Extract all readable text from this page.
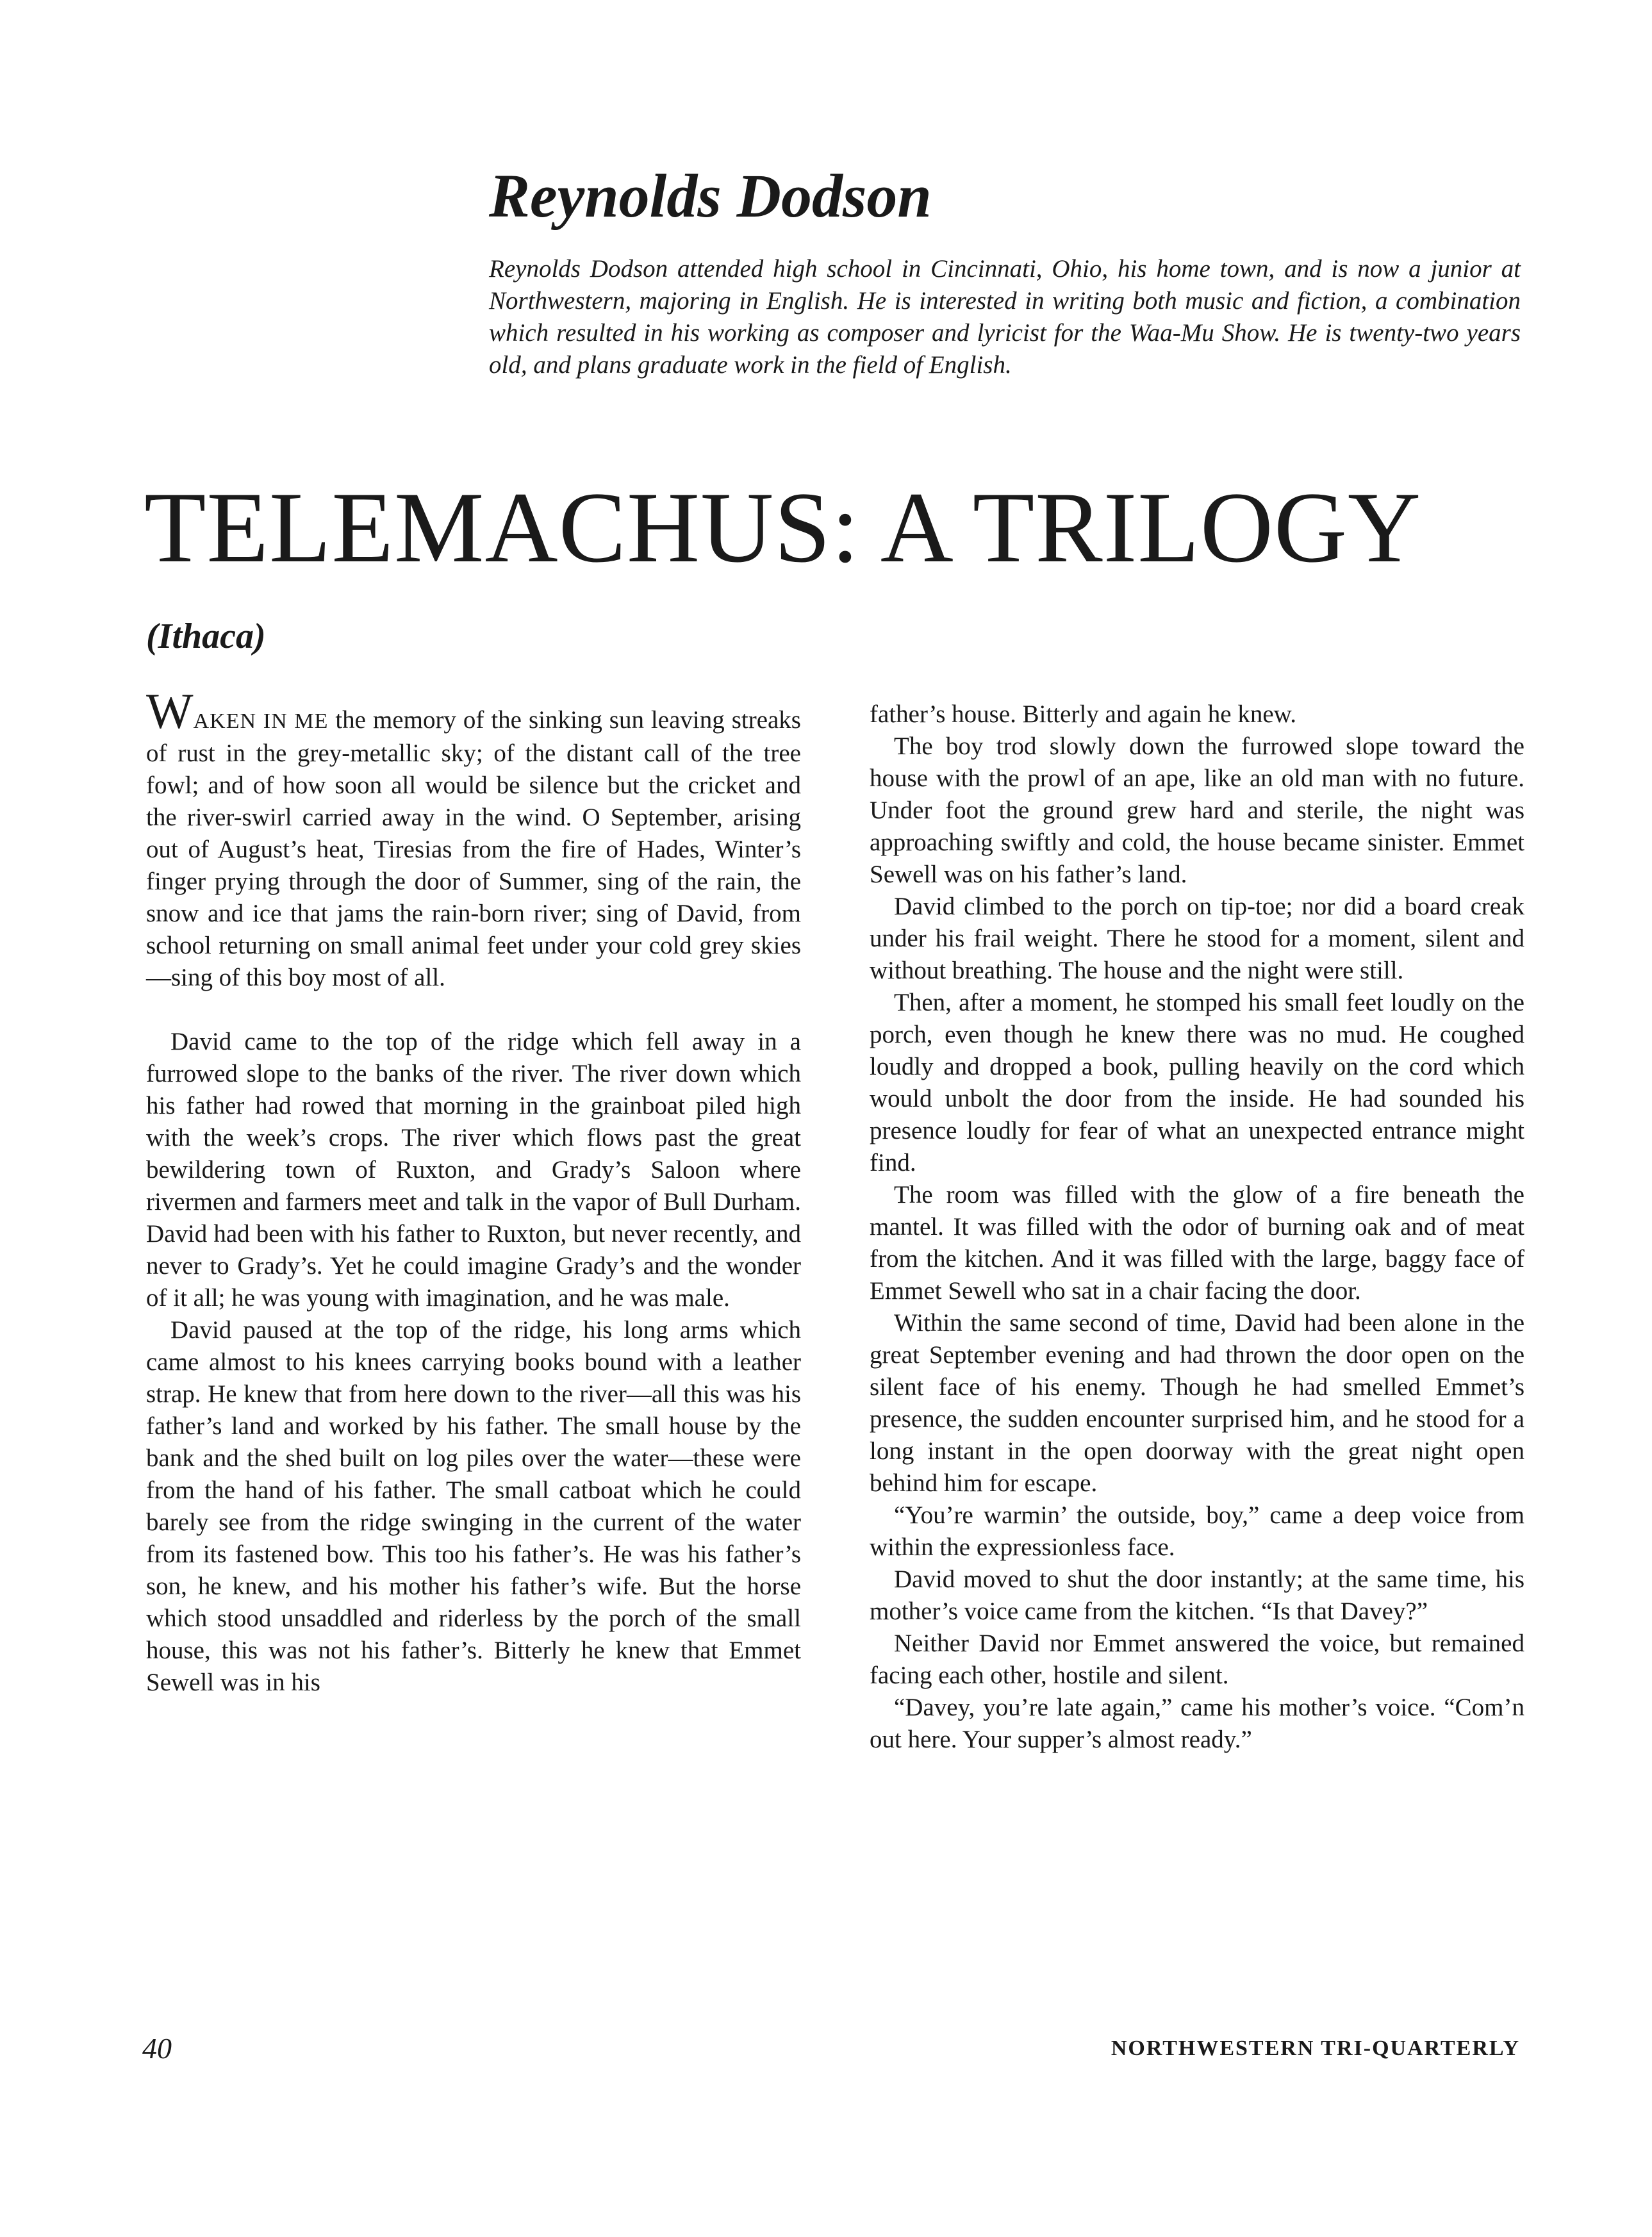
Reynolds Dodson

Reynolds Dodson attended high school in Cincinnati, Ohio, his home town, and is now a junior at Northwestern, majoring in English. He is interested in writing both music and fiction, a combination which resulted in his working as composer and lyricist for the Waa-Mu Show. He is twenty-two years old, and plans graduate work in the field of English.

TELEMACHUS: A TRILOGY
(Ithaca)

WAKEN IN ME the memory of the sinking sun leaving streaks of rust in the grey-metallic sky; of the distant call of the tree fowl; and of how soon all would be silence but the cricket and the river-swirl carried away in the wind. O September, arising out of August’s heat, Tiresias from the fire of Hades, Winter’s finger prying through the door of Summer, sing of the rain, the snow and ice that jams the rain-born river; sing of David, from school returning on small animal feet under your cold grey skies—sing of this boy most of all.

David came to the top of the ridge which fell away in a furrowed slope to the banks of the river. The river down which his father had rowed that morning in the grainboat piled high with the week’s crops. The river which flows past the great bewildering town of Ruxton, and Grady’s Saloon where rivermen and farmers meet and talk in the vapor of Bull Durham. David had been with his father to Ruxton, but never recently, and never to Grady’s. Yet he could imagine Grady’s and the wonder of it all; he was young with imagination, and he was male.

David paused at the top of the ridge, his long arms which came almost to his knees carrying books bound with a leather strap. He knew that from here down to the river—all this was his father’s land and worked by his father. The small house by the bank and the shed built on log piles over the water—these were from the hand of his father. The small catboat which he could barely see from the ridge swinging in the current of the water from its fastened bow. This too his father’s. He was his father’s son, he knew, and his mother his father’s wife. But the horse which stood unsaddled and riderless by the porch of the small house, this was not his father’s. Bitterly he knew that Emmet Sewell was in his

father’s house. Bitterly and again he knew.

The boy trod slowly down the furrowed slope toward the house with the prowl of an ape, like an old man with no future. Under foot the ground grew hard and sterile, the night was approaching swiftly and cold, the house became sinister. Emmet Sewell was on his father’s land.

David climbed to the porch on tip-toe; nor did a board creak under his frail weight. There he stood for a moment, silent and without breathing. The house and the night were still.

Then, after a moment, he stomped his small feet loudly on the porch, even though he knew there was no mud. He coughed loudly and dropped a book, pulling heavily on the cord which would unbolt the door from the inside. He had sounded his presence loudly for fear of what an unexpected entrance might find.

The room was filled with the glow of a fire beneath the mantel. It was filled with the odor of burning oak and of meat from the kitchen. And it was filled with the large, baggy face of Emmet Sewell who sat in a chair facing the door.

Within the same second of time, David had been alone in the great September evening and had thrown the door open on the silent face of his enemy. Though he had smelled Emmet’s presence, the sudden encounter surprised him, and he stood for a long instant in the open doorway with the great night open behind him for escape.

“You’re warmin’ the outside, boy,” came a deep voice from within the expressionless face.

David moved to shut the door instantly; at the same time, his mother’s voice came from the kitchen. “Is that Davey?”

Neither David nor Emmet answered the voice, but remained facing each other, hostile and silent.

“Davey, you’re late again,” came his mother’s voice. “Com’n out here. Your supper’s almost ready.”

40	NORTHWESTERN TRI-QUARTERLY
